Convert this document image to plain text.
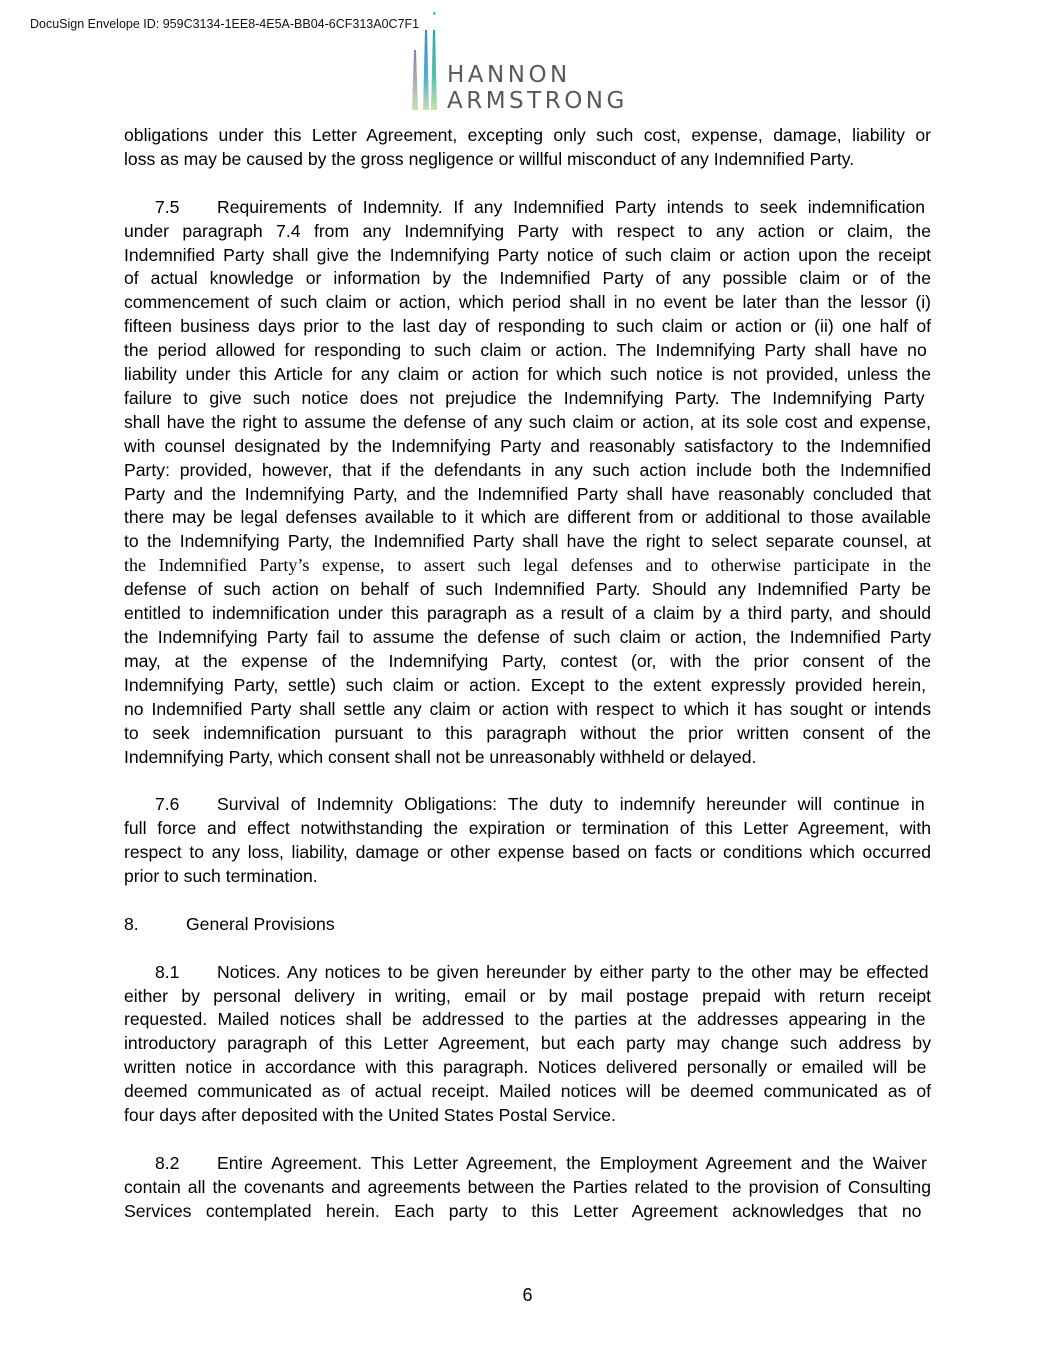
DocuSign Envelope ID: 959C3134-1EE8-4E5A-BB04-6CF313A0C7F1
HANNON
ARMSTRONG
obligations under this Letter Agreement, excepting only such cost, expense, damage, liability or
loss as may be caused by the gross negligence or willful misconduct of any Indemnified Party.
7.5 Requirements of Indemnity. If any Indemnified Party intends to seek indemnification
under paragraph 7.4 from any Indemnifying Party with respect to any action or claim, the
Indemnified Party shall give the Indemnifying Party notice of such claim or action upon the receipt
of actual knowledge or information by the Indemnified Party of any possible claim or of the
commencement of such claim or action, which period shall in no event be later than the lessor (i)
fifteen business days prior to the last day of responding to such claim or action or (ii) one half of
the period allowed for responding to such claim or action. The Indemnifying Party shall have no
liability under this Article for any claim or action for which such notice is not provided, unless the
failure to give such notice does not prejudice the Indemnifying Party. The Indemnifying Party
shall have the right to assume the defense of any such claim or action, at its sole cost and expense,
with counsel designated by the Indemnifying Party and reasonably satisfactory to the Indemnified
Party: provided, however, that if the defendants in any such action include both the Indemnified
Party and the Indemnifying Party, and the Indemnified Party shall have reasonably concluded that
there may be legal defenses available to it which are different from or additional to those available
to the Indemnifying Party, the Indemnified Party shall have the right to select separate counsel, at
the Indemnified Party’s expense, to assert such legal defenses and to otherwise participate in the
defense of such action on behalf of such Indemnified Party. Should any Indemnified Party be
entitled to indemnification under this paragraph as a result of a claim by a third party, and should
the Indemnifying Party fail to assume the defense of such claim or action, the Indemnified Party
may, at the expense of the Indemnifying Party, contest (or, with the prior consent of the
Indemnifying Party, settle) such claim or action. Except to the extent expressly provided herein,
no Indemnified Party shall settle any claim or action with respect to which it has sought or intends
to seek indemnification pursuant to this paragraph without the prior written consent of the
Indemnifying Party, which consent shall not be unreasonably withheld or delayed.
7.6 Survival of Indemnity Obligations: The duty to indemnify hereunder will continue in
full force and effect notwithstanding the expiration or termination of this Letter Agreement, with
respect to any loss, liability, damage or other expense based on facts or conditions which occurred
prior to such termination.
8.	General Provisions
8.1 Notices. Any notices to be given hereunder by either party to the other may be effected
either by personal delivery in writing, email or by mail postage prepaid with return receipt
requested. Mailed notices shall be addressed to the parties at the addresses appearing in the
introductory paragraph of this Letter Agreement, but each party may change such address by
written notice in accordance with this paragraph. Notices delivered personally or emailed will be
deemed communicated as of actual receipt. Mailed notices will be deemed communicated as of
four days after deposited with the United States Postal Service.
8.2 Entire Agreement. This Letter Agreement, the Employment Agreement and the Waiver
contain all the covenants and agreements between the Parties related to the provision of Consulting
Services contemplated herein. Each party to this Letter Agreement acknowledges that no
6
